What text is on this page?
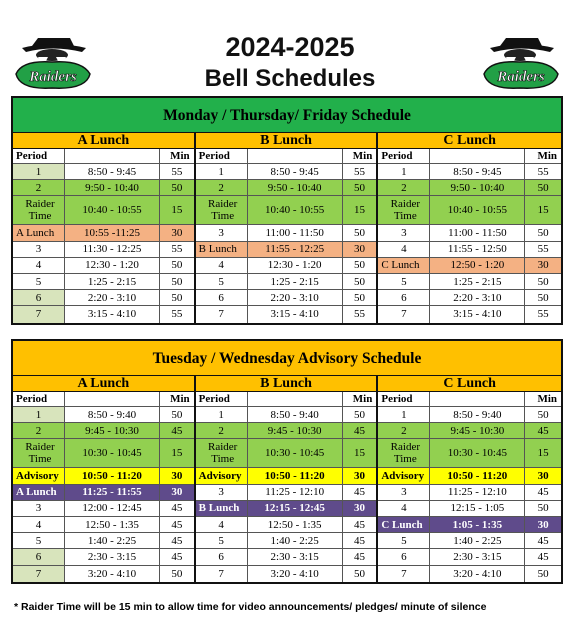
Raiders	Raiders
2024-2025
Bell Schedules
Monday / Thursday/ Friday Schedule
A Lunch
Period	Min
1	8:50 - 9:45	55
2	9:50 - 10:40	50
Raider Time	10:40 - 10:55	15
A Lunch	10:55 -11:25	30
3	11:30 - 12:25	55
4	12:30 - 1:20	50
5	1:25 - 2:15	50
6	2:20 - 3:10	50
7	3:15 - 4:10	55
B Lunch
Period	Min
1	8:50 - 9:45	55
2	9:50 - 10:40	50
Raider Time	10:40 - 10:55	15
3	11:00 - 11:50	50
B Lunch	11:55 - 12:25	30
4	12:30 - 1:20	50
5	1:25 - 2:15	50
6	2:20 - 3:10	50
7	3:15 - 4:10	55
C Lunch
Period	Min
1	8:50 - 9:45	55
2	9:50 - 10:40	50
Raider Time	10:40 - 10:55	15
3	11:00 - 11:50	50
4	11:55 - 12:50	55
C Lunch	12:50 - 1:20	30
5	1:25 - 2:15	50
6	2:20 - 3:10	50
7	3:15 - 4:10	55
Tuesday / Wednesday Advisory Schedule
A Lunch
Period	Min
1	8:50 - 9:40	50
2	9:45 - 10:30	45
Raider Time	10:30 - 10:45	15
Advisory	10:50 - 11:20	30
A Lunch	11:25 - 11:55	30
3	12:00 - 12:45	45
4	12:50 - 1:35	45
5	1:40 - 2:25	45
6	2:30 - 3:15	45
7	3:20 - 4:10	50
B Lunch
Period	Min
1	8:50 - 9:40	50
2	9:45 - 10:30	45
Raider Time	10:30 - 10:45	15
Advisory	10:50 - 11:20	30
3	11:25 - 12:10	45
B Lunch	12:15 - 12:45	30
4	12:50 - 1:35	45
5	1:40 - 2:25	45
6	2:30 - 3:15	45
7	3:20 - 4:10	50
C Lunch
Period	Min
1	8:50 - 9:40	50
2	9:45 - 10:30	45
Raider Time	10:30 - 10:45	15
Advisory	10:50 - 11:20	30
3	11:25 - 12:10	45
4	12:15 - 1:05	50
C Lunch	1:05 - 1:35	30
5	1:40 - 2:25	45
6	2:30 - 3:15	45
7	3:20 - 4:10	50
* Raider Time will be 15 min to allow time for video announcements/ pledges/ minute of silence
